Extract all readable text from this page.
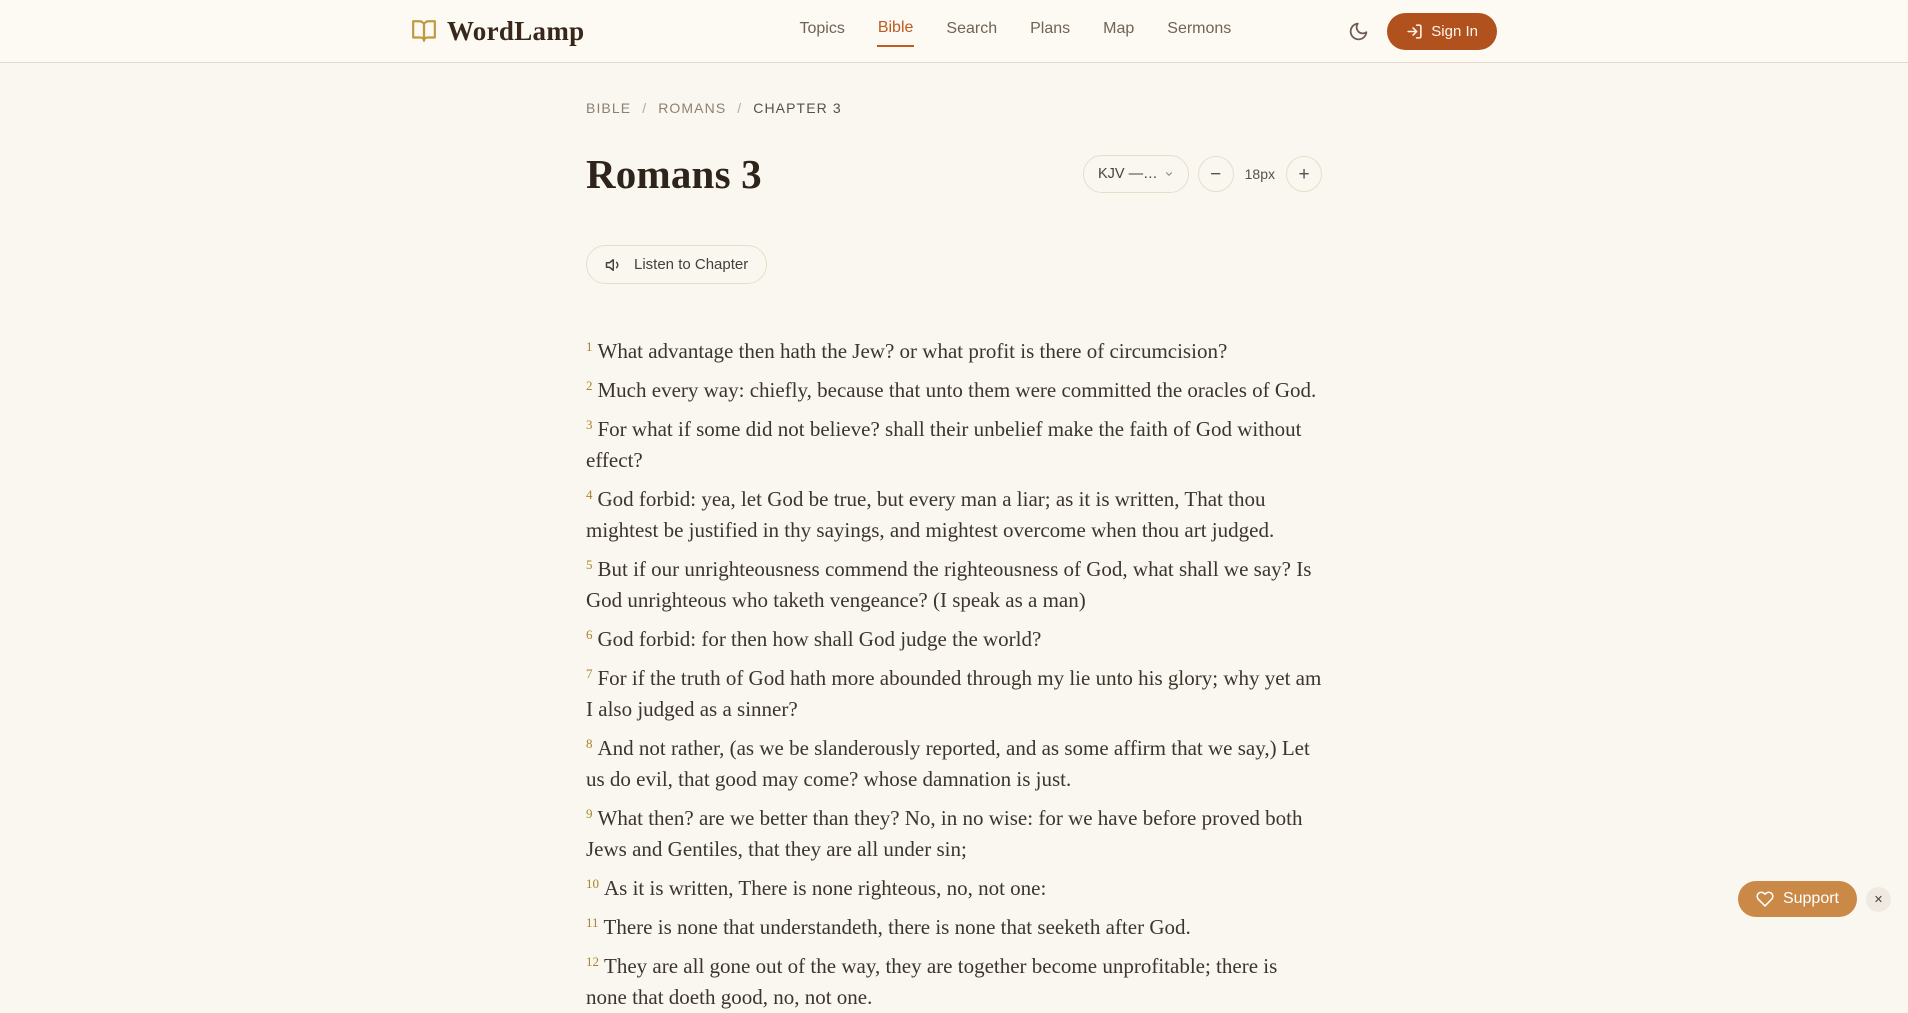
WordLamp	Topics Bible Search Plans Map Sermons	Sign In
BIBLE / ROMANS / CHAPTER 3
Romans 3	KJV —…	− 18px +
Listen to Chapter

$^1$ What advantage then hath the Jew? or what profit is there of circumcision?

$^2$ Much every way: chiefly, because that unto them were committed the oracles of God.

$^3$ For what if some did not believe? shall their unbelief make the faith of God without effect?

$^4$ God forbid: yea, let God be true, but every man a liar; as it is written, That thou mightest be justified in thy sayings, and mightest overcome when thou art judged.

$^5$ But if our unrighteousness commend the righteousness of God, what shall we say? Is God unrighteous who taketh vengeance? (I speak as a man)

$^6$ God forbid: for then how shall God judge the world?

$^7$ For if the truth of God hath more abounded through my lie unto his glory; why yet am I also judged as a sinner?

$^8$ And not rather, (as we be slanderously reported, and as some affirm that we say,) Let us do evil, that good may come? whose damnation is just.

$^9$ What then? are we better than they? No, in no wise: for we have before proved both Jews and Gentiles, that they are all under sin;

$^{10}$ As it is written, There is none righteous, no, not one:

$^{11}$ There is none that understandeth, there is none that seeketh after God.

$^{12}$ They are all gone out of the way, they are together become unprofitable; there is none that doeth good, no, not one.

Support	✕
